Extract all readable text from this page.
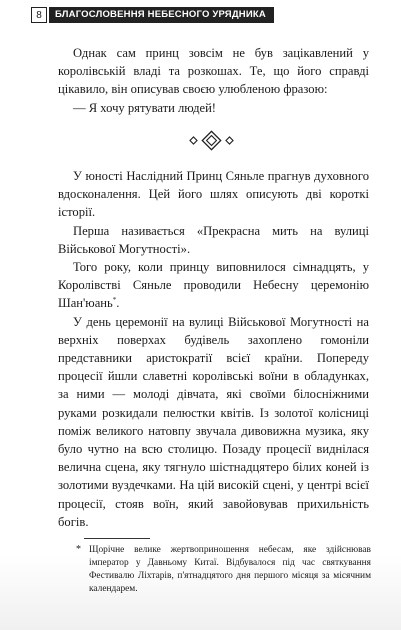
8	БЛАГОСЛОВЕННЯ НЕБЕСНОГО УРЯДНИКА

Однак сам принц зовсім не був зацікавлений у королівській владі та розкошах. Те, що його справді цікавило, він описував своєю улюбленою фразою:

— Я хочу рятувати людей!

У юності Наслідний Принц Сяньле прагнув духовного вдосконалення. Цей його шлях описують дві короткі історії.

Перша називається «Прекрасна мить на вулиці Військової Могутності».

Того року, коли принцу виповнилося сімнадцять, у Королівстві Сяньле проводили Небесну церемонію Шан'юань*.

У день церемонії на вулиці Військової Могутності на верхніх поверхах будівель захоплено гомоніли представники аристократії всієї країни. Попереду процесії йшли славетні королівські воїни в обладунках, за ними — молоді дівчата, які своїми білосніжними руками розкидали пелюстки квітів. Із золотої колісниці поміж великого натовпу звучала дивовижна музика, яку було чутно на всю столицю. Позаду процесії виднілася велична сцена, яку тягнуло шістнадцятеро білих коней із золотими вуздечками. На цій високій сцені, у центрі всієї процесії, стояв воїн, який завойовував прихильність богів.

* Щорічне велике жертвоприношення небесам, яке здійснював імператор у Давньому Китаї. Відбувалося під час святкування Фестивалю Ліхтарів, п'ятнадцятого дня першого місяця за місячним календарем.
